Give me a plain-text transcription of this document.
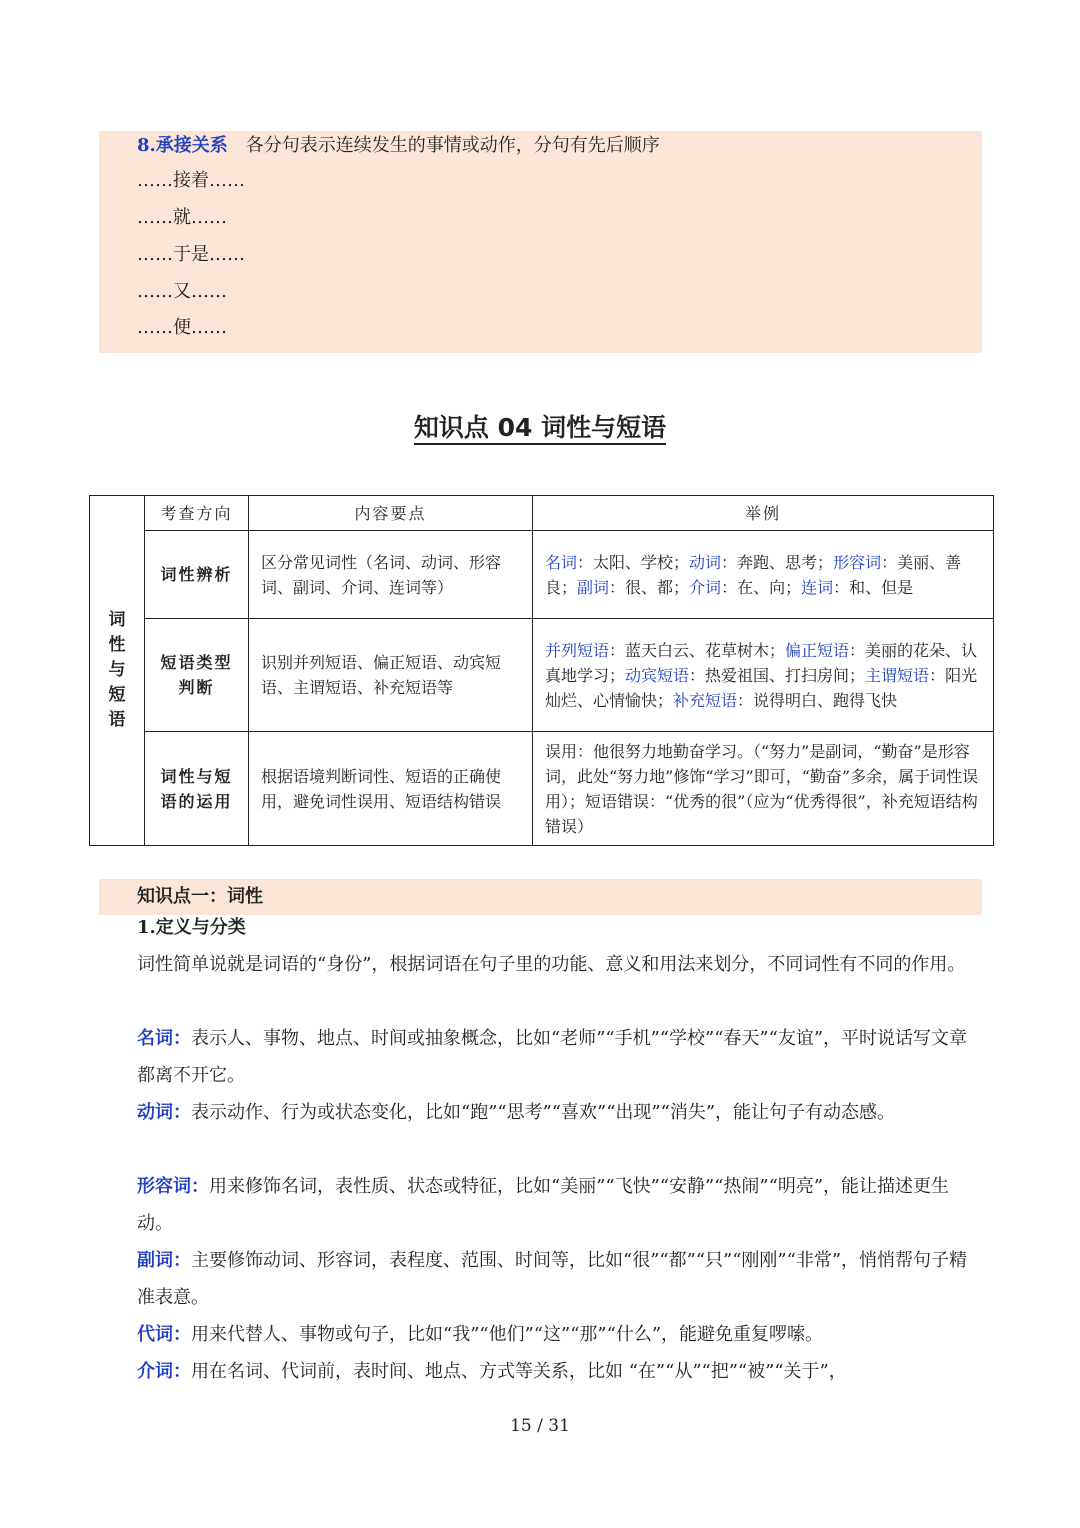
8.承接关系 各分句表示连续发生的事情或动作，分句有先后顺序
……接着……
……就……
……于是……
……又……
……便……
知识点 04 词性与短语
词
性
与
短
语	考查方向	内容要点	举例
	词性辨析	区分常见词性（名词、动词、形容词、副词、介词、连词等）	名词：太阳、学校；动词：奔跑、思考；形容词：美丽、善良；副词：很、都；介词：在、向；连词：和、但是
	短语类型判断	识别并列短语、偏正短语、动宾短语、主谓短语、补充短语等	并列短语：蓝天白云、花草树木；偏正短语：美丽的花朵、认真地学习；动宾短语：热爱祖国、打扫房间；主谓短语：阳光灿烂、心情愉快；补充短语：说得明白、跑得飞快
	词性与短语的运用	根据语境判断词性、短语的正确使用，避免词性误用、短语结构错误	误用：他很努力地勤奋学习。（“努力”是副词，“勤奋”是形容词，此处“努力地”修饰“学习”即可，“勤奋”多余，属于词性误用）；短语错误：“优秀的很”（应为“优秀得很”，补充短语结构错误）
知识点一：词性
1.定义与分类
词性简单说就是词语的“身份”，根据词语在句子里的功能、意义和用法来划分，不同词性有不同的作用。
名词：表示人、事物、地点、时间或抽象概念，比如“老师”“手机”“学校”“春天”“友谊”，平时说话写文章都离不开它。
动词：表示动作、行为或状态变化，比如“跑”“思考”“喜欢”“出现”“消失”，能让句子有动态感。
形容词：用来修饰名词，表性质、状态或特征，比如“美丽”“飞快”“安静”“热闹”“明亮”，能让描述更生动。
副词：主要修饰动词、形容词，表程度、范围、时间等，比如“很”“都”“只”“刚刚”“非常”，悄悄帮句子精准表意。
代词：用来代替人、事物或句子，比如“我”“他们”“这”“那”“什么”，能避免重复啰嗦。
介词：用在名词、代词前，表时间、地点、方式等关系，比如 “在”“从”“把”“被”“关于”，
15 / 31
